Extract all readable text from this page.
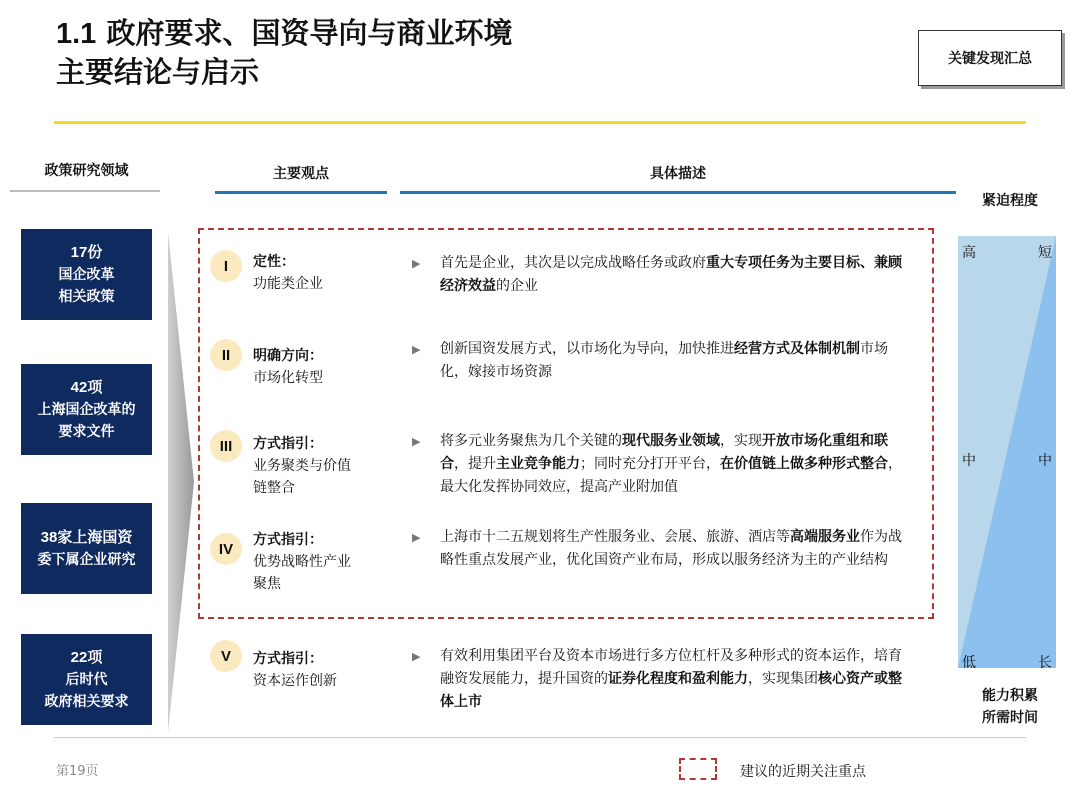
1.1 政府要求、国资导向与商业环境
主要结论与启示	关键发现汇总
政策研究领域	主要观点	具体描述
紧迫程度
17份
国企改革
相关政策
42项
上海国企改革的
要求文件
38家上海国资
委下属企业研究
22项
后时代
政府相关要求
I	定性：
功能类企业
▶ 首先是企业，其次是以完成战略任务或政府重大专项任务为主要目标、兼顾经济效益的企业
II	明确方向：
市场化转型
▶ 创新国资发展方式，以市场化为导向，加快推进经营方式及体制机制市场化，嫁接市场资源
III	方式指引：
业务聚类与价值
链整合
▶ 将多元业务聚焦为几个关键的现代服务业领域，实现开放市场化重组和联合，提升主业竞争能力；同时充分打开平台，在价值链上做多种形式整合，最大化发挥协同效应，提高产业附加值
IV
方式指引：
优势战略性产业
聚焦
▶ 上海市十二五规划将生产性服务业、会展、旅游、酒店等高端服务业作为战略性重点发展产业，优化国资产业布局，形成以服务经济为主的产业结构
V	方式指引：
资本运作创新
▶ 有效利用集团平台及资本市场进行多方位杠杆及多种形式的资本运作，培育融资发展能力，提升国资的证券化程度和盈利能力，实现集团核心资产或整体上市
高	短
中	中
低	长
能力积累
所需时间
第19页	建议的近期关注重点
